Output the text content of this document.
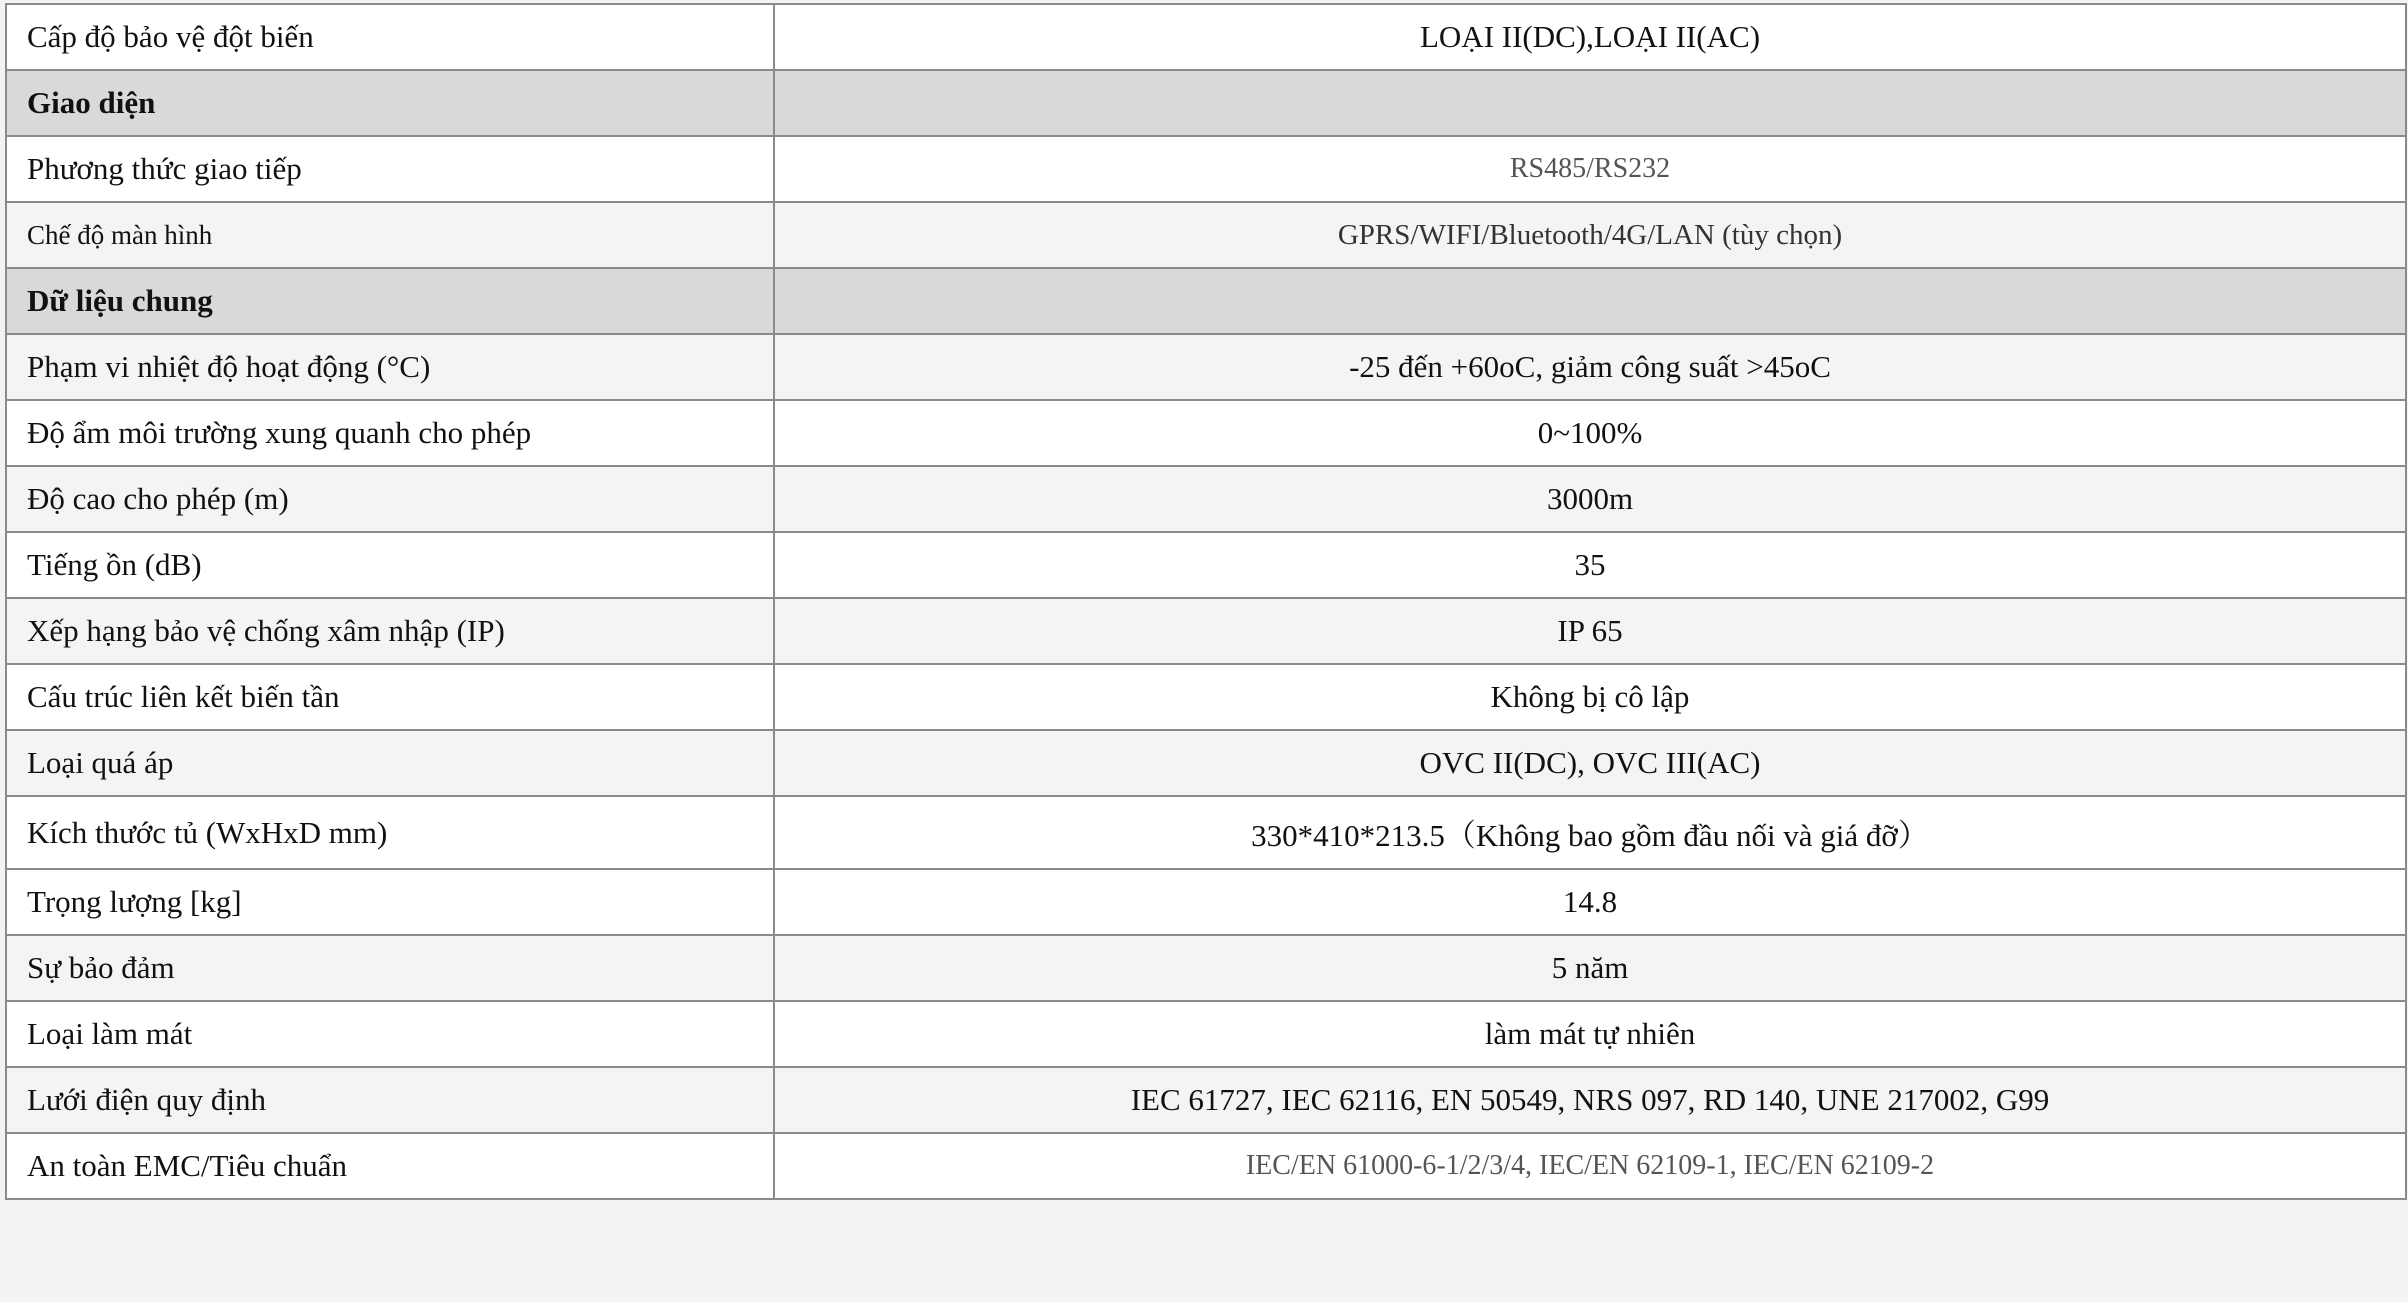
Cấp độ bảo vệ đột biến	LOẠI II(DC),LOẠI II(AC)
Giao diện	
Phương thức giao tiếp	RS485/RS232
Chế độ màn hình	GPRS/WIFI/Bluetooth/4G/LAN (tùy chọn)
Dữ liệu chung	
Phạm vi nhiệt độ hoạt động (°C)	-25 đến +60oC, giảm công suất >45oC
Độ ẩm môi trường xung quanh cho phép	0~100%
Độ cao cho phép (m)	3000m
Tiếng ồn (dB)	35
Xếp hạng bảo vệ chống xâm nhập (IP)	IP 65
Cấu trúc liên kết biến tần	Không bị cô lập
Loại quá áp	OVC II(DC), OVC III(AC)
Kích thước tủ (WxHxD mm)	330*410*213.5（Không bao gồm đầu nối và giá đỡ）
Trọng lượng [kg]	14.8
Sự bảo đảm	5 năm
Loại làm mát	làm mát tự nhiên
Lưới điện quy định	IEC 61727, IEC 62116, EN 50549, NRS 097, RD 140, UNE 217002, G99
An toàn EMC/Tiêu chuẩn	IEC/EN 61000-6-1/2/3/4, IEC/EN 62109-1, IEC/EN 62109-2
